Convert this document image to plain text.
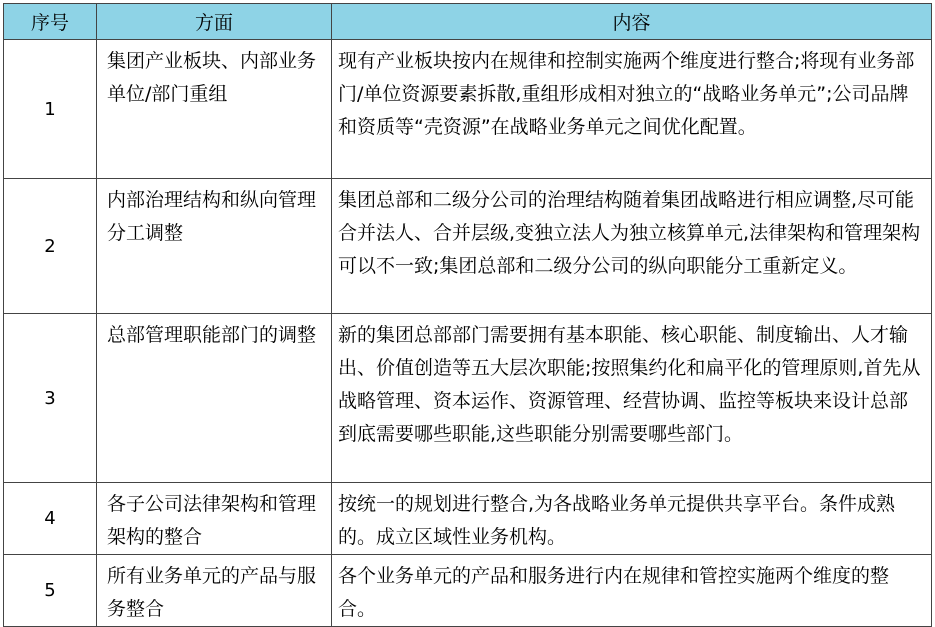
序号	方面	内容
1	集团产业板块、内部业务单位/部门重组	现有产业板块按内在规律和控制实施两个维度进行整合;将现有业务部门/单位资源要素拆散,重组形成相对独立的“战略业务单元”;公司品牌和资质等“壳资源”在战略业务单元之间优化配置。

2	内部治理结构和纵向管理分工调整	集团总部和二级分公司的治理结构随着集团战略进行相应调整,尽可能合并法人、合并层级,变独立法人为独立核算单元,法律架构和管理架构可以不一致;集团总部和二级分公司的纵向职能分工重新定义。

3	总部管理职能部门的调整	新的集团总部部门需要拥有基本职能、核心职能、制度输出、人才输出、价值创造等五大层次职能;按照集约化和扁平化的管理原则,首先从战略管理、资本运作、资源管理、经营协调、监控等板块来设计总部到底需要哪些职能,这些职能分别需要哪些部门。

4	各子公司法律架构和管理架构的整合	按统一的规划进行整合,为各战略业务单元提供共享平台。条件成熟的。成立区域性业务机构。

5	所有业务单元的产品与服务整合	各个业务单元的产品和服务进行内在规律和管控实施两个维度的整合。
